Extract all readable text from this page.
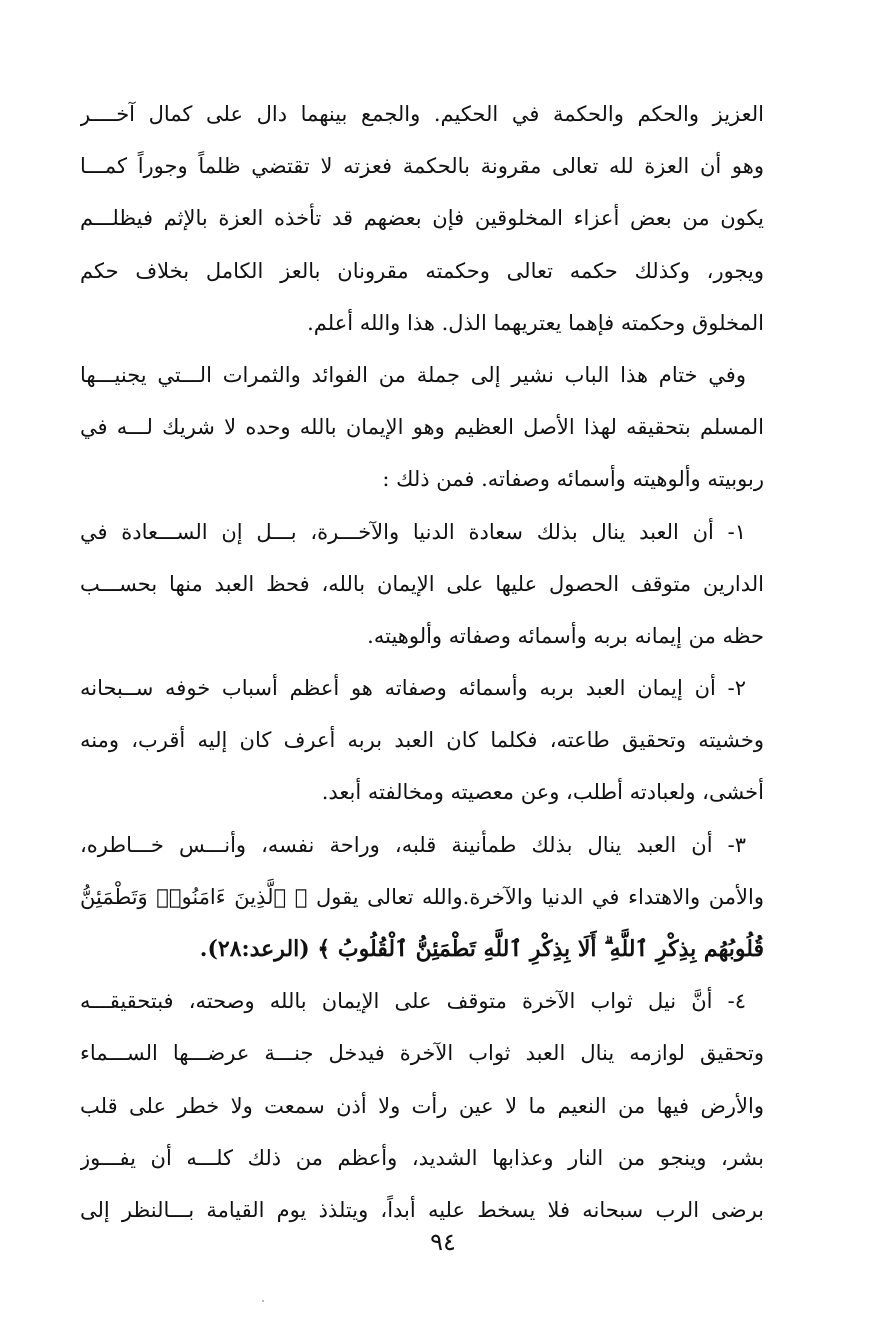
العزيز والحكم والحكمة في الحكيم. والجمع بينهما دال على كمال آخــــر
وهو أن العزة لله تعالى مقرونة بالحكمة فعزته لا تقتضي ظلماً وجوراً كمـــا
يكون من بعض أعزاء المخلوقين فإن بعضهم قد تأخذه العزة بالإثم فيظلـــم
ويجور، وكذلك حكمه تعالى وحكمته مقرونان بالعز الكامل بخلاف حكم
المخلوق وحكمته فإهما يعتريهما الذل. هذا والله أعلم.
وفي ختام هذا الباب نشير إلى جملة من الفوائد والثمرات الـــتي يجنيـــها
المسلم بتحقيقه لهذا الأصل العظيم وهو الإيمان بالله وحده لا شريك لـــه في
ربوبيته وألوهيته وأسمائه وصفاته. فمن ذلك :
١- أن العبد ينال بذلك سعادة الدنيا والآخـــرة، بـــل إن الســـعادة في
الدارين متوقف الحصول عليها على الإيمان بالله، فحظ العبد منها بحســـب
حظه من إيمانه بربه وأسمائه وصفاته وألوهيته.
٢- أن إيمان العبد بربه وأسمائه وصفاته هو أعظم أسباب خوفه ســبحانه
وخشيته وتحقيق طاعته، فكلما كان العبد بربه أعرف كان إليه أقرب، ومنه
أخشى، ولعبادته أطلب، وعن معصيته ومخالفته أبعد.
٣- أن العبد ينال بذلك طمأنينة قلبه، وراحة نفسه، وأنـــس خـــاطره،
والأمن والاهتداء في الدنيا والآخرة.والله تعالى يقول ﴿ ٱلَّذِينَ ءَامَنُوا۟ وَتَطْمَئِنُّ
قُلُوبُهُم بِذِكْرِ ٱللَّهِ ۗ أَلَا بِذِكْرِ ٱللَّهِ تَطْمَئِنُّ ٱلْقُلُوبُ ﴾ (الرعد:٢٨).
٤- أنَّ نيل ثواب الآخرة متوقف على الإيمان بالله وصحته، فبتحقيقـــه
وتحقيق لوازمه ينال العبد ثواب الآخرة فيدخل جنـــة عرضـــها الســـماء
والأرض فيها من النعيم ما لا عين رأت ولا أذن سمعت ولا خطر على قلب
بشر، وينجو من النار وعذابها الشديد، وأعظم من ذلك كلـــه أن يفـــوز
برضى الرب سبحانه فلا يسخط عليه أبداً، ويتلذذ يوم القيامة بـــالنظر إلى
٩٤
